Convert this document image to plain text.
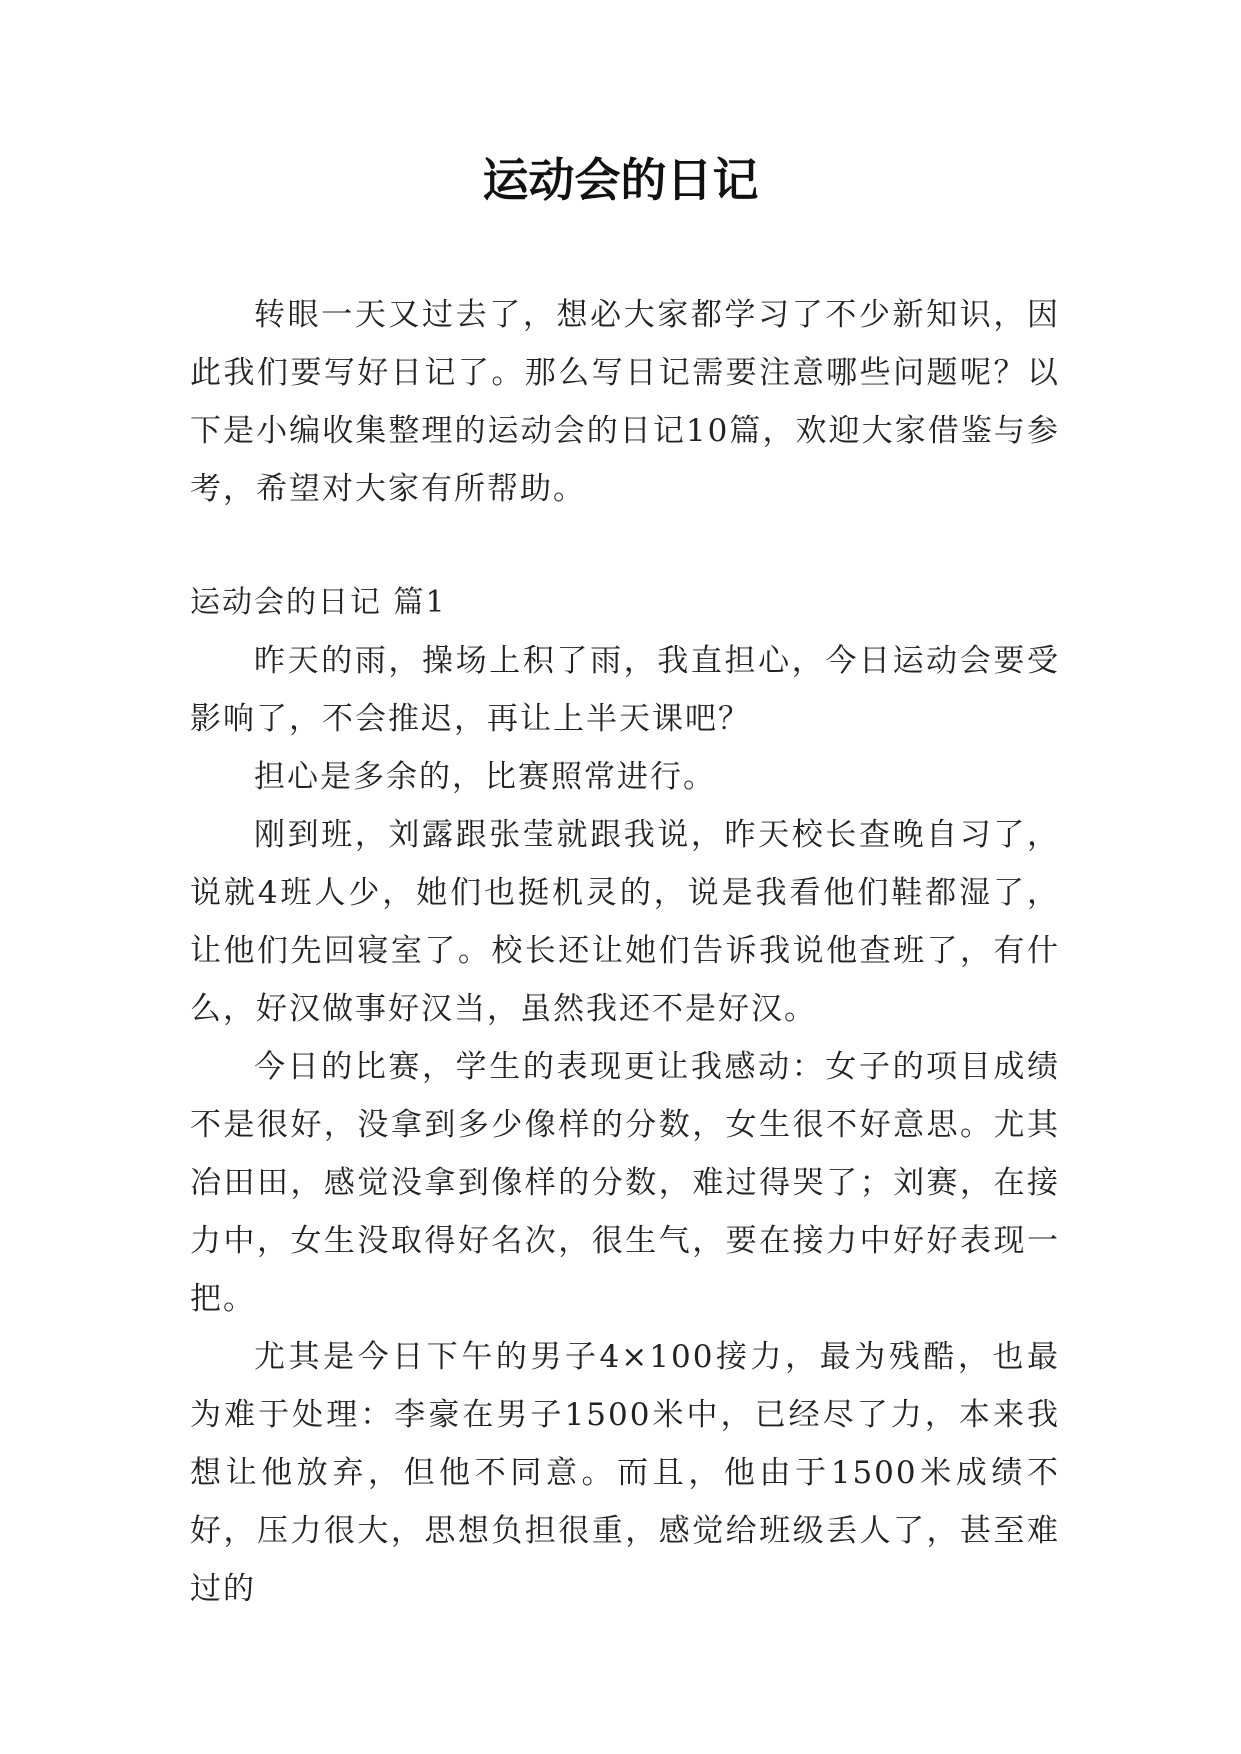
运动会的日记

转眼一天又过去了，想必大家都学习了不少新知识，因此我们要写好日记了。那么写日记需要注意哪些问题呢？以下是小编收集整理的运动会的日记10篇，欢迎大家借鉴与参考，希望对大家有所帮助。

运动会的日记 篇1

昨天的雨，操场上积了雨，我直担心，今日运动会要受影响了，不会推迟，再让上半天课吧？

担心是多余的，比赛照常进行。

刚到班，刘露跟张莹就跟我说，昨天校长查晚自习了，说就4班人少，她们也挺机灵的，说是我看他们鞋都湿了，让他们先回寝室了。校长还让她们告诉我说他查班了，有什么，好汉做事好汉当，虽然我还不是好汉。

今日的比赛，学生的表现更让我感动：女子的项目成绩不是很好，没拿到多少像样的分数，女生很不好意思。尤其冶田田，感觉没拿到像样的分数，难过得哭了；刘赛，在接力中，女生没取得好名次，很生气，要在接力中好好表现一把。

尤其是今日下午的男子4×100接力，最为残酷，也最为难于处理：李豪在男子1500米中，已经尽了力，本来我想让他放弃，但他不同意。而且，他由于1500米成绩不好，压力很大，思想负担很重，感觉给班级丢人了，甚至难过的
